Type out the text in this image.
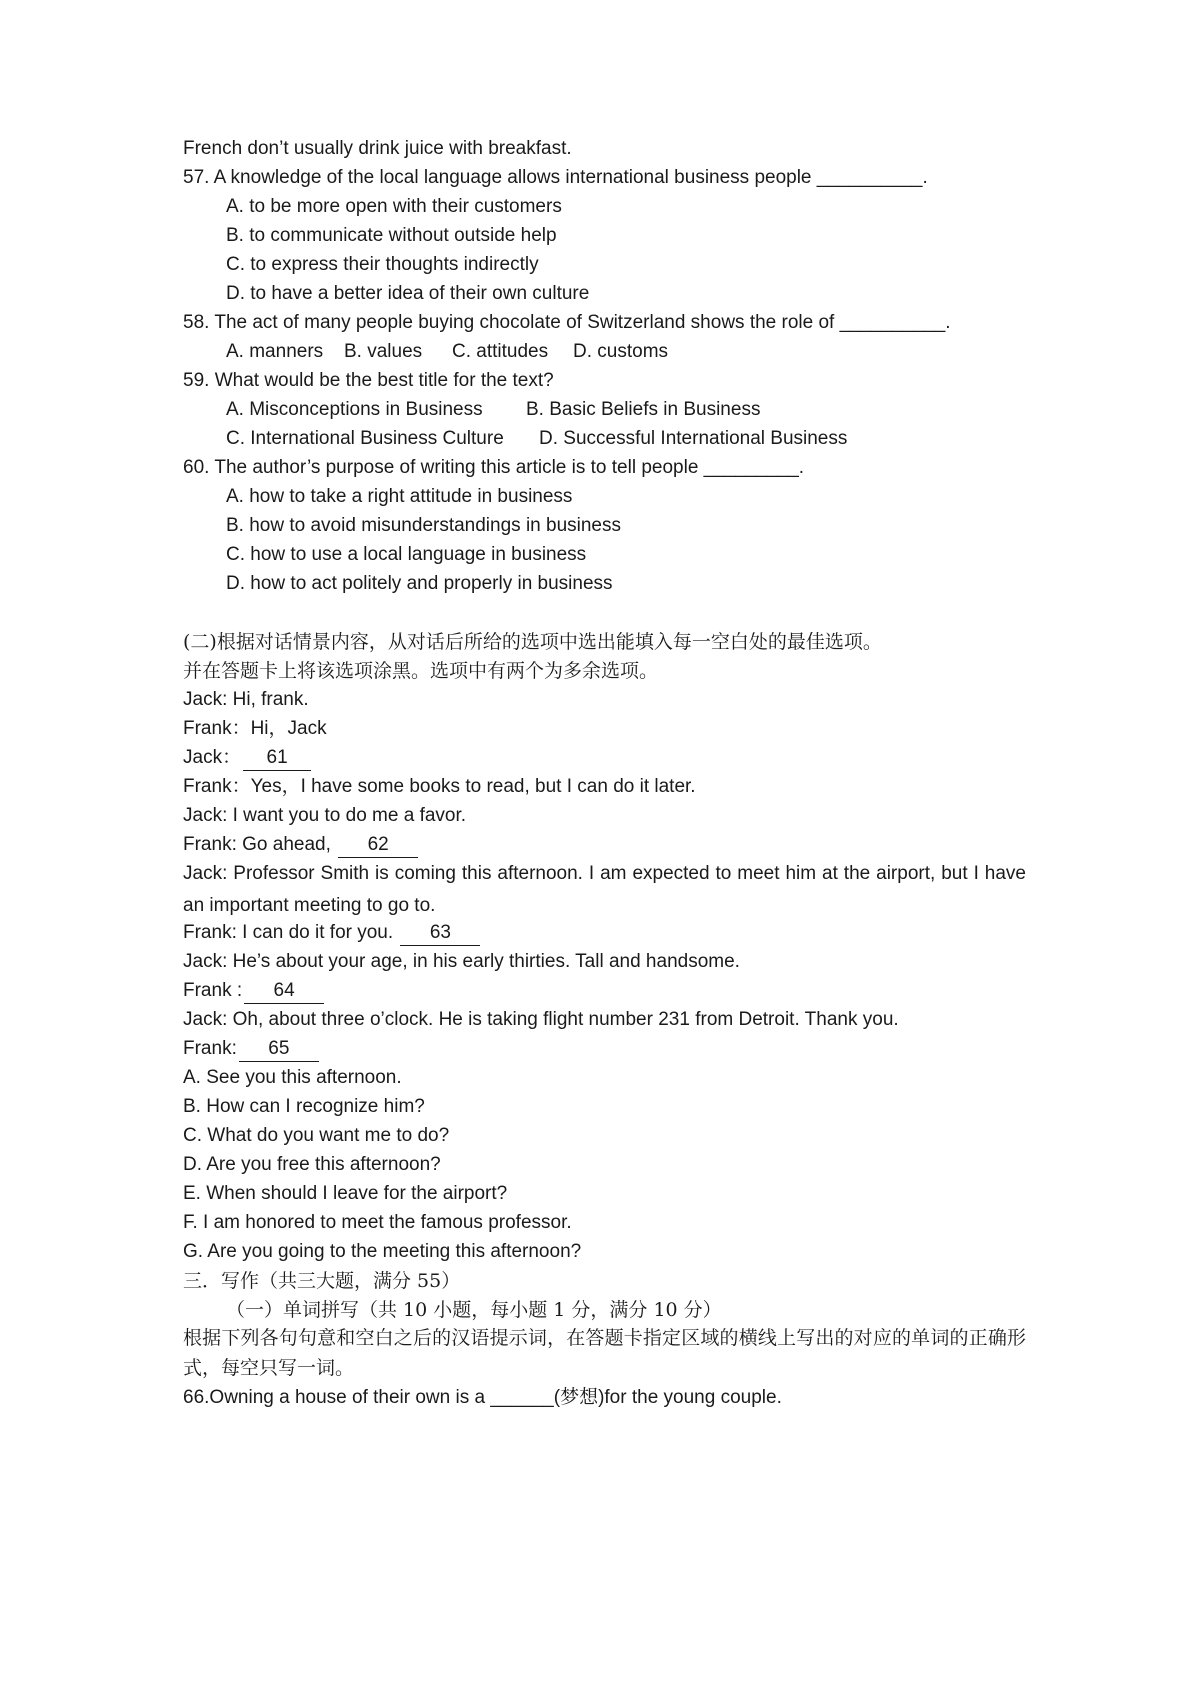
French don’t usually drink juice with breakfast.

57. A knowledge of the local language allows international business people __________.

A. to be more open with their customers

B. to communicate without outside help

C. to express their thoughts indirectly

D. to have a better idea of their own culture

58. The act of many people buying chocolate of Switzerland shows the role of __________.

A. manners B. values C. attitudes D. customs

59. What would be the best title for the text?

A. Misconceptions in Business B. Basic Beliefs in Business

C. International Business Culture D. Successful International Business

60. The author’s purpose of writing this article is to tell people _________.

A. how to take a right attitude in business

B. how to avoid misunderstandings in business

C. how to use a local language in business

D. how to act politely and properly in business

(二)根据对话情景内容，从对话后所给的选项中选出能填入每一空白处的最佳选项。

并在答题卡上将该选项涂黑。选项中有两个为多余选项。

Jack: Hi, frank.

Frank：Hi，Jack

Jack： 61

Frank：Yes，I have some books to read, but I can do it later.

Jack: I want you to do me a favor.

Frank: Go ahead, 62

Jack: Professor Smith is coming this afternoon. I am expected to meet him at the airport, but I have an important meeting to go to.

Frank: I can do it for you. 63

Jack: He’s about your age, in his early thirties. Tall and handsome.

Frank : 64

Jack: Oh, about three o’clock. He is taking flight number 231 from Detroit. Thank you.

Frank: 65

A. See you this afternoon.

B. How can I recognize him?

C. What do you want me to do?

D. Are you free this afternoon?

E. When should I leave for the airport?

F. I am honored to meet the famous professor.

G. Are you going to the meeting this afternoon?

三．写作（共三大题，满分 55）

（一）单词拼写（共 10 小题，每小题 1 分，满分 10 分）

根据下列各句句意和空白之后的汉语提示词，在答题卡指定区域的横线上写出的对应的单词的正确形式，每空只写一词。

66.Owning a house of their own is a ______(梦想)for the young couple.
